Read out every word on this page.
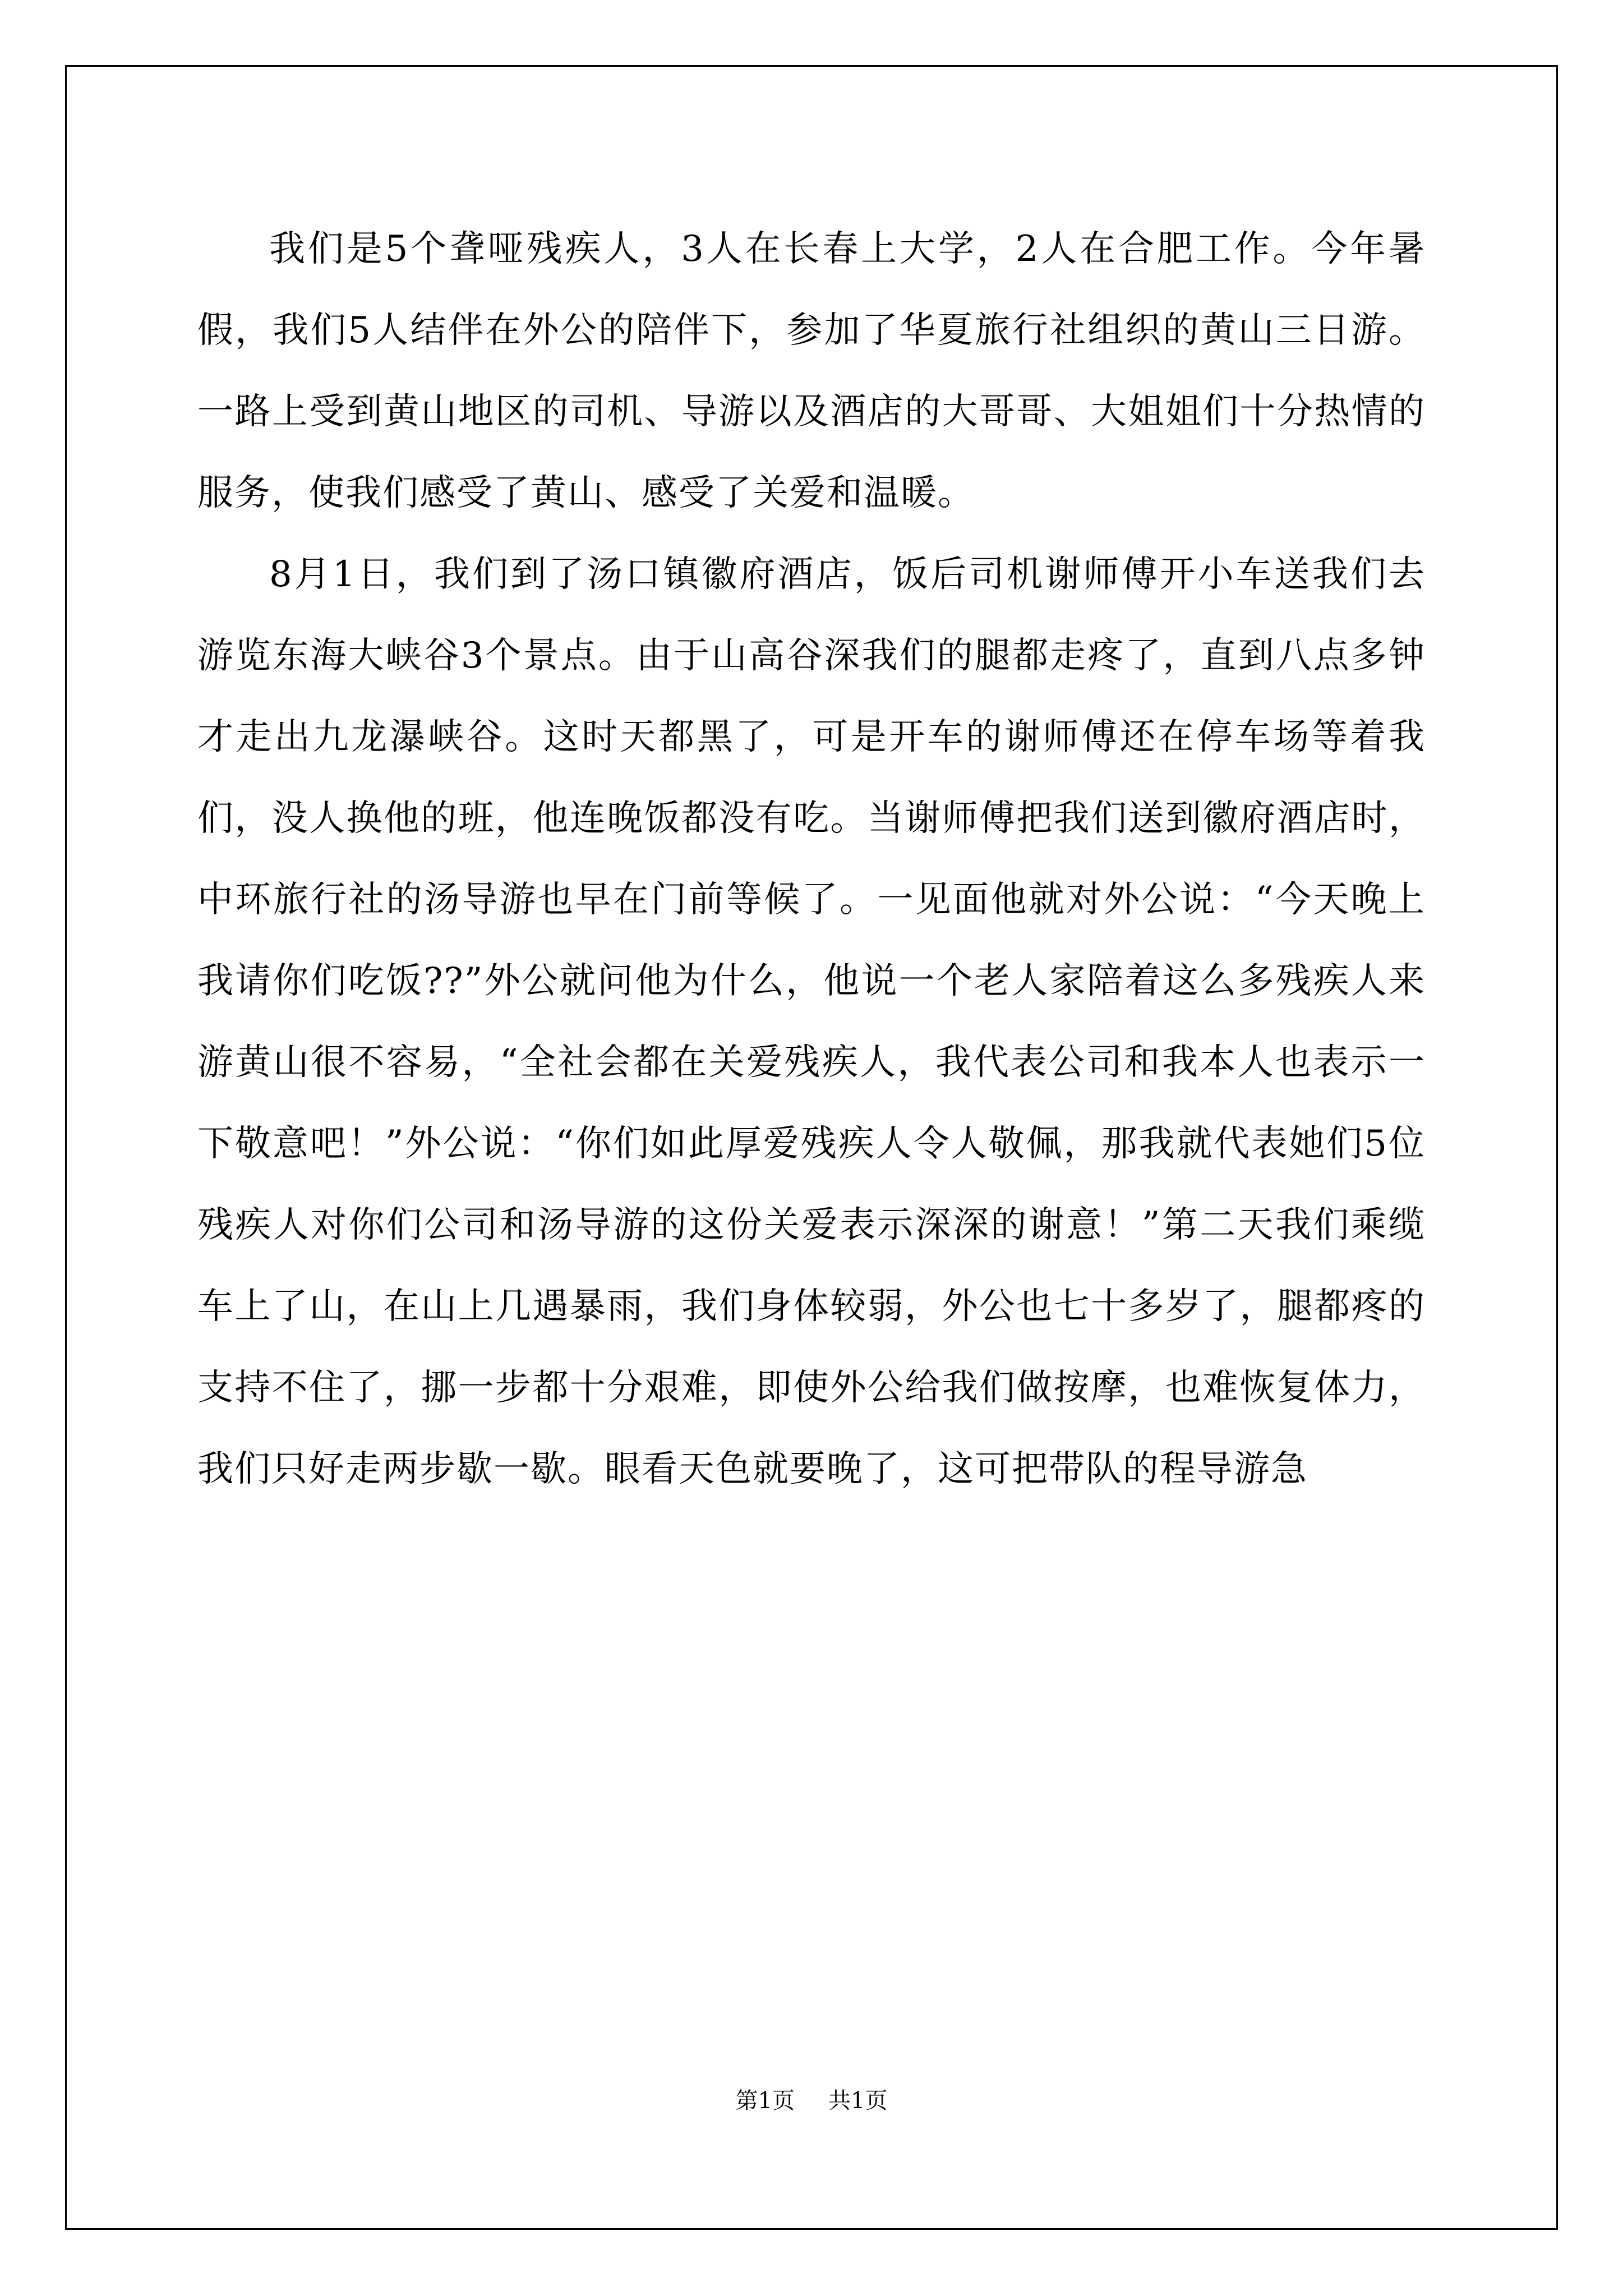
我们是5个聋哑残疾人，3人在长春上大学，2人在合肥工作。今年暑假，我们5人结伴在外公的陪伴下，参加了华夏旅行社组织的黄山三日游。一路上受到黄山地区的司机、导游以及酒店的大哥哥、大姐姐们十分热情的服务，使我们感受了黄山、感受了关爱和温暖。

8月1日，我们到了汤口镇徽府酒店，饭后司机谢师傅开小车送我们去游览东海大峡谷3个景点。由于山高谷深我们的腿都走疼了，直到八点多钟才走出九龙瀑峡谷。这时天都黑了，可是开车的谢师傅还在停车场等着我们，没人换他的班，他连晚饭都没有吃。当谢师傅把我们送到徽府酒店时，中环旅行社的汤导游也早在门前等候了。一见面他就对外公说：“今天晚上我请你们吃饭??”外公就问他为什么，他说一个老人家陪着这么多残疾人来游黄山很不容易，“全社会都在关爱残疾人，我代表公司和我本人也表示一下敬意吧！”外公说：“你们如此厚爱残疾人令人敬佩，那我就代表她们5位残疾人对你们公司和汤导游的这份关爱表示深深的谢意！”第二天我们乘缆车上了山，在山上几遇暴雨，我们身体较弱，外公也七十多岁了，腿都疼的支持不住了，挪一步都十分艰难，即使外公给我们做按摩，也难恢复体力，我们只好走两步歇一歇。眼看天色就要晚了，这可把带队的程导游急

第1页 共1页
